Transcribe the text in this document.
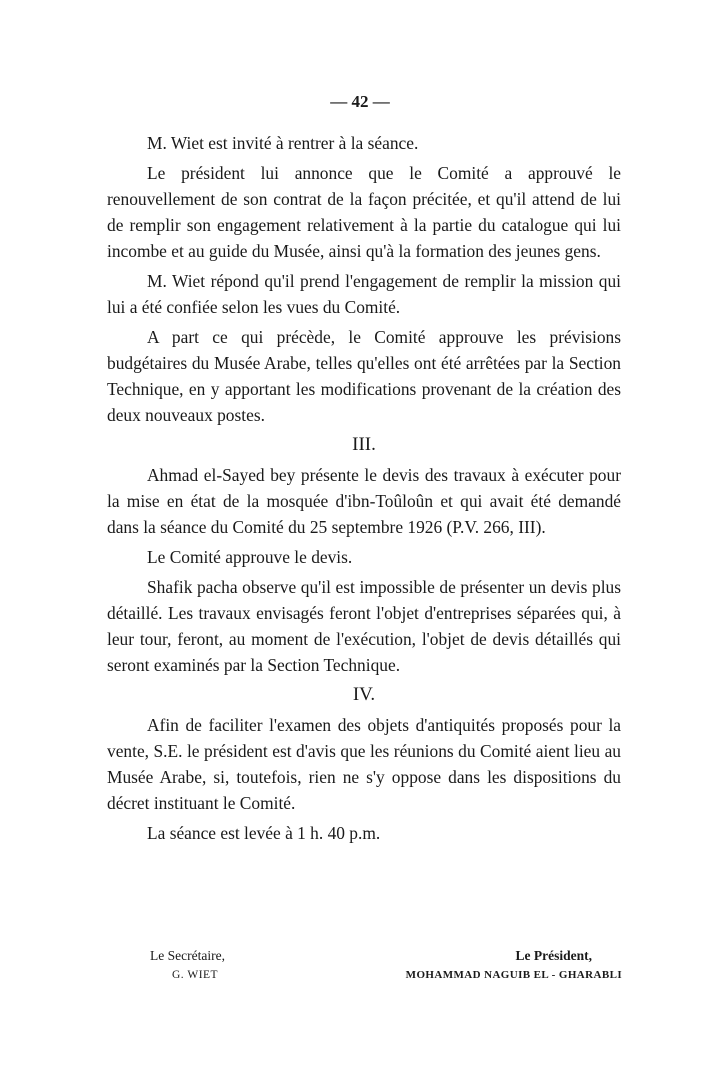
— 42 —

M. Wiet est invité à rentrer à la séance.

Le président lui annonce que le Comité a approuvé le renouvellement de son contrat de la façon précitée, et qu'il attend de lui de remplir son engagement relativement à la partie du catalogue qui lui incombe et au guide du Musée, ainsi qu'à la formation des jeunes gens.

M. Wiet répond qu'il prend l'engagement de remplir la mission qui lui a été confiée selon les vues du Comité.

A part ce qui précède, le Comité approuve les prévisions budgétaires du Musée Arabe, telles qu'elles ont été arrêtées par la Section Technique, en y apportant les modifications provenant de la création des deux nouveaux postes.

III.

Ahmad el-Sayed bey présente le devis des travaux à exécuter pour la mise en état de la mosquée d'ibn-Toûloûn et qui avait été demandé dans la séance du Comité du 25 septembre 1926 (P.V. 266, III).

Le Comité approuve le devis.

Shafik pacha observe qu'il est impossible de présenter un devis plus détaillé. Les travaux envisagés feront l'objet d'entreprises séparées qui, à leur tour, feront, au moment de l'exécution, l'objet de devis détaillés qui seront examinés par la Section Technique.

IV.

Afin de faciliter l'examen des objets d'antiquités proposés pour la vente, S.E. le président est d'avis que les réunions du Comité aient lieu au Musée Arabe, si, toutefois, rien ne s'y oppose dans les dispositions du décret instituant le Comité.

La séance est levée à 1 h. 40 p.m.

Le Secrétaire,
G. WIET
Le Président,
MOHAMMAD NAGUIB EL - GHARABLI
